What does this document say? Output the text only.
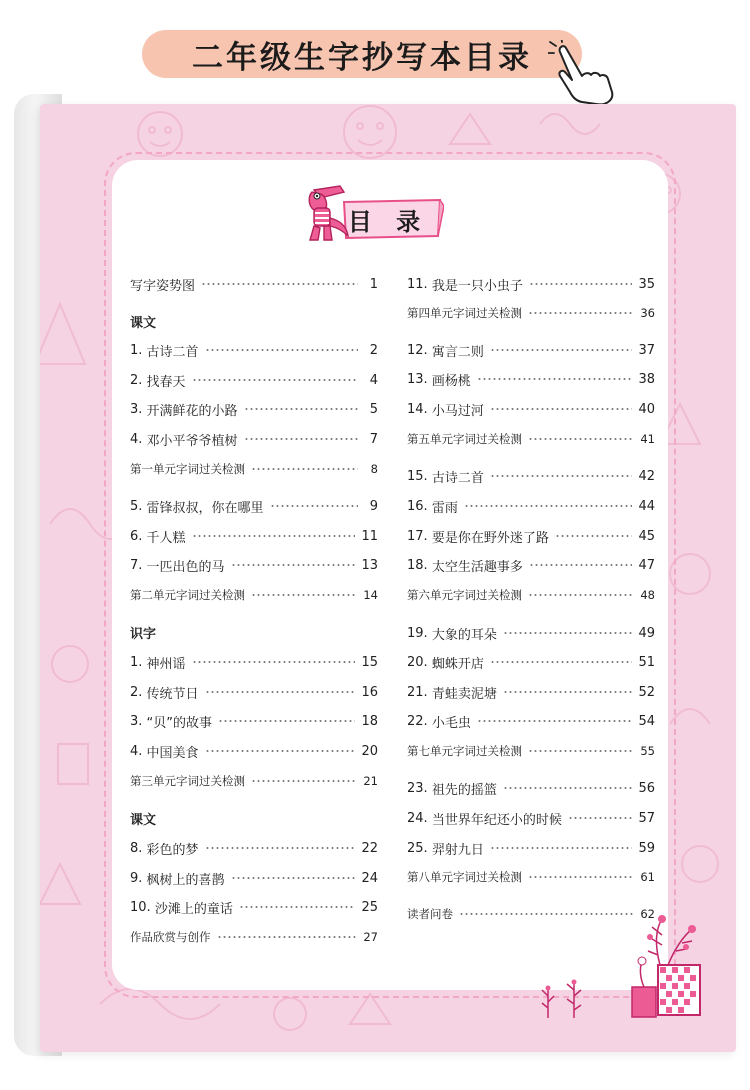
二年级生字抄写本目录
目 录
写字姿势图	1
课文
1. 古诗二首	2
2. 找春天	4
3. 开满鲜花的小路	5
4. 邓小平爷爷植树	7
第一单元字词过关检测	8
5. 雷锋叔叔，你在哪里	9
6. 千人糕	11
7. 一匹出色的马	13
第二单元字词过关检测	14
识字
1. 神州谣	15
2. 传统节日	16
3. “贝”的故事	18
4. 中国美食	20
第三单元字词过关检测	21
课文
8. 彩色的梦	22
9. 枫树上的喜鹊	24
10. 沙滩上的童话	25
作品欣赏与创作	27
11. 我是一只小虫子	35
第四单元字词过关检测	36
12. 寓言二则	37
13. 画杨桃	38
14. 小马过河	40
第五单元字词过关检测	41
15. 古诗二首	42
16. 雷雨	44
17. 要是你在野外迷了路	45
18. 太空生活趣事多	47
第六单元字词过关检测	48
19. 大象的耳朵	49
20. 蜘蛛开店	51
21. 青蛙卖泥塘	52
22. 小毛虫	54
第七单元字词过关检测	55
23. 祖先的摇篮	56
24. 当世界年纪还小的时候	57
25. 羿射九日	59
第八单元字词过关检测	61
读者问卷	62
